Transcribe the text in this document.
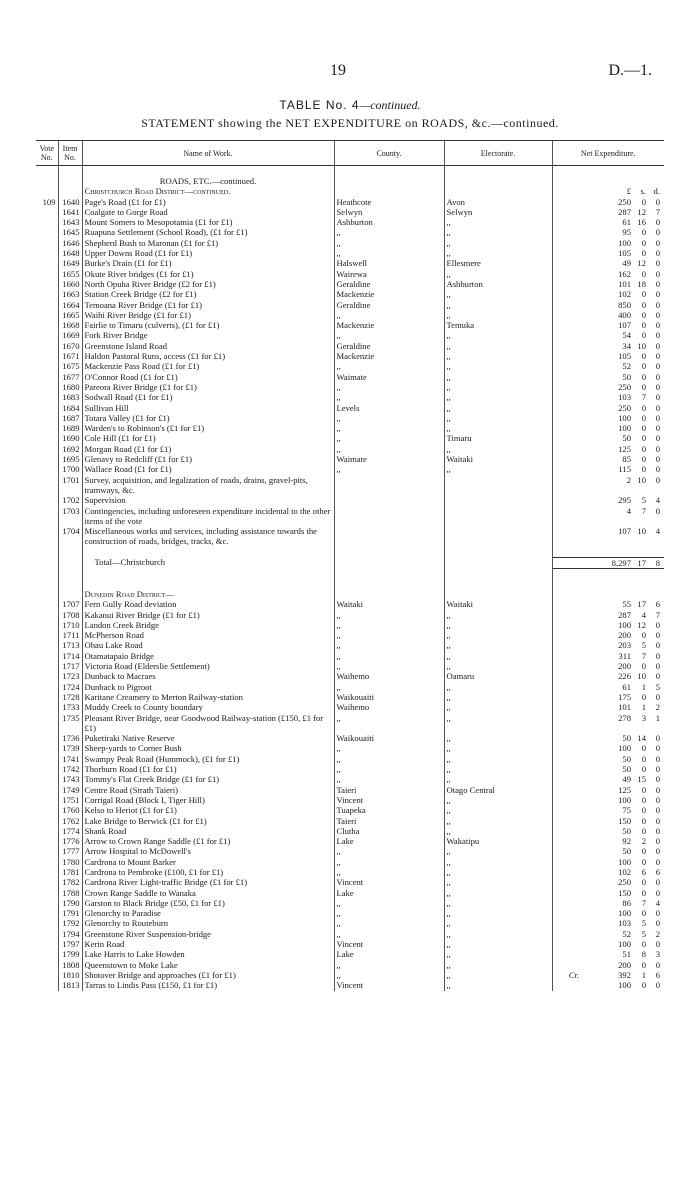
19	D.—1.
TABLE No. 4—continued.
STATEMENT showing the NET EXPENDITURE on ROADS, &c.—continued.
Vote No.	Item No.	Name of Work.	County.	Electorate.	Net Expenditure.

		ROADS, ETC.—continued.			
		Christchurch Road District—continued.			£ s. d.
109	1640	Page's Road (£1 for £1)	Heathcote	Avon	250 0 0
	1641	Coalgate to Gorge Road	Selwyn	Selwyn	287 12 7
	1643	Mount Somers to Mesopotamia (£1 for £1)	Ashburton	,,	61 16 0
	1645	Ruapuna Settlement (School Road), (£1 for £1)	,,	,,	95 0 0
	1646	Shepherd Bush to Maronan (£1 for £1)	,,	,,	100 0 0
	1648	Upper Downs Road (£1 for £1)	,,	,,	105 0 0
	1649	Burke's Drain (£1 for £1)	Halswell	Ellesmere	49 12 0
	1655	Okute River bridges (£1 for £1)	Wairewa	,,	162 0 0
	1660	North Opuha River Bridge (£2 for £1)	Geraldine	Ashburton	101 18 0
	1663	Station Creek Bridge (£2 for £1)	Mackenzie	,,	102 0 0
	1664	Temoana River Bridge (£1 for £1)	Geraldine	,,	850 0 0
	1665	Waihi River Bridge (£1 for £1)	,,	,,	400 0 0
	1668	Fairlie to Timaru (culverts), (£1 for £1)	Mackenzie	Temuka	107 0 0
	1669	Fork River Bridge	,,	,,	54 0 0
	1670	Greenstone Island Road	Geraldine	,,	34 10 0
	1671	Haldon Pastoral Runs, access (£1 for £1)	Mackenzie	,,	105 0 0
	1675	Mackenzie Pass Road (£1 for £1)	,,	,,	52 0 0
	1677	O'Connor Road (£1 for £1)	Waimate	,,	50 0 0
	1680	Pareora River Bridge (£1 for £1)	,,	,,	250 0 0
	1683	Sodwall Road (£1 for £1)	,,	,,	103 7 0
	1684	Sullivan Hill	Levels	,,	250 0 0
	1687	Totara Valley (£1 for £1)	,,	,,	100 0 0
	1689	Warden's to Robinson's (£1 for £1)	,,	,,	100 0 0
	1690	Cole Hill (£1 for £1)	,,	Timaru	50 0 0
	1692	Morgan Road (£1 for £1)	,,	,,	125 0 0
	1695	Glenavy to Redcliff (£1 for £1)	Waimate	Waitaki	85 0 0
	1700	Wallace Road (£1 for £1)	,,	,,	115 0 0
	1701	Survey, acquisition, and legalization of roads, drains, gravel-pits, tramways, &c.			2 10 0
	1702	Supervision			295 5 4
	1703	Contingencies, including unforeseen expenditure incidental to the other items of the vote			4 7 0
	1704	Miscellaneous works and services, including assistance towards the construction of roads, bridges, tracks, &c.			107 10 4

		Total—Christchurch			8,297 17 8

		Dunedin Road District—			
	1707	Fern Gully Road deviation	Waitaki	Waitaki	55 17 6
	1708	Kakanui River Bridge (£1 for £1)	,,	,,	287 4 7
	1710	Landon Creek Bridge	,,	,,	100 12 0
	1711	McPherson Road	,,	,,	200 0 0
	1713	Ohau Lake Road	,,	,,	203 5 0
	1714	Otamatapaio Bridge	,,	,,	311 7 0
	1717	Victoria Road (Elderslie Settlement)	,,	,,	200 0 0
	1723	Dunback to Macraes	Waihemo	Oamaru	226 10 0
	1724	Dunback to Pigroot	,,	,,	61 1 5
	1728	Karitane Creamery to Merton Railway-station	Waikouaiti	,,	175 0 0
	1733	Muddy Creek to County boundary	Waihemo	,,	101 1 2
	1735	Pleasant River Bridge, near Goodwood Railway-station (£150, £1 for £1)	,,	,,	278 3 1
	1736	Puketiraki Native Reserve	Waikouaiti	,,	50 14 0
	1739	Sheep-yards to Corner Bush	,,	,,	100 0 0
	1741	Swampy Peak Road (Hummock), (£1 for £1)	,,	,,	50 0 0
	1742	Thorburn Road (£1 for £1)	,,	,,	50 0 0
	1743	Tommy's Flat Creek Bridge (£1 for £1)	,,	,,	49 15 0
	1749	Centre Road (Strath Taieri)	Taieri	Otago Central	125 0 0
	1751	Corrigal Road (Block I, Tiger Hill)	Vincent	,,	100 0 0
	1760	Kelso to Heriot (£1 for £1)	Tuapeka	,,	75 0 0
	1762	Lake Bridge to Berwick (£1 for £1)	Taieri	,,	150 0 0
	1774	Shank Road	Clutha	,,	50 0 0
	1776	Arrow to Crown Range Saddle (£1 for £1)	Lake	Wakatipu	92 2 0
	1777	Arrow Hospital to McDowell's	,,	,,	50 0 0
	1780	Cardrona to Mount Barker	,,	,,	100 0 0
	1781	Cardrona to Pembroke (£100, £1 for £1)	,,	,,	102 6 6
	1782	Cardrona River Light-traffic Bridge (£1 for £1)	Vincent	,,	250 0 0
	1788	Crown Range Saddle to Wanaka	Lake	,,	150 0 0
	1790	Garston to Black Bridge (£50, £1 for £1)	,,	,,	86 7 4
	1791	Glenorchy to Paradise	,,	,,	100 0 0
	1792	Glenorchy to Routeburn	,,	,,	103 5 0
	1794	Greenstone River Suspension-bridge	,,	,,	52 5 2
	1797	Kerin Road	Vincent	,,	100 0 0
	1799	Lake Harris to Lake Howden	Lake	,,	51 8 3
	1808	Queenstown to Moke Lake	,,	,,	200 0 0
	1810	Shotover Bridge and approaches (£1 for £1)	,,	,,	Cr. 392 1 6
	1813	Tarras to Lindis Pass (£150, £1 for £1)	Vincent	,,	100 0 0
